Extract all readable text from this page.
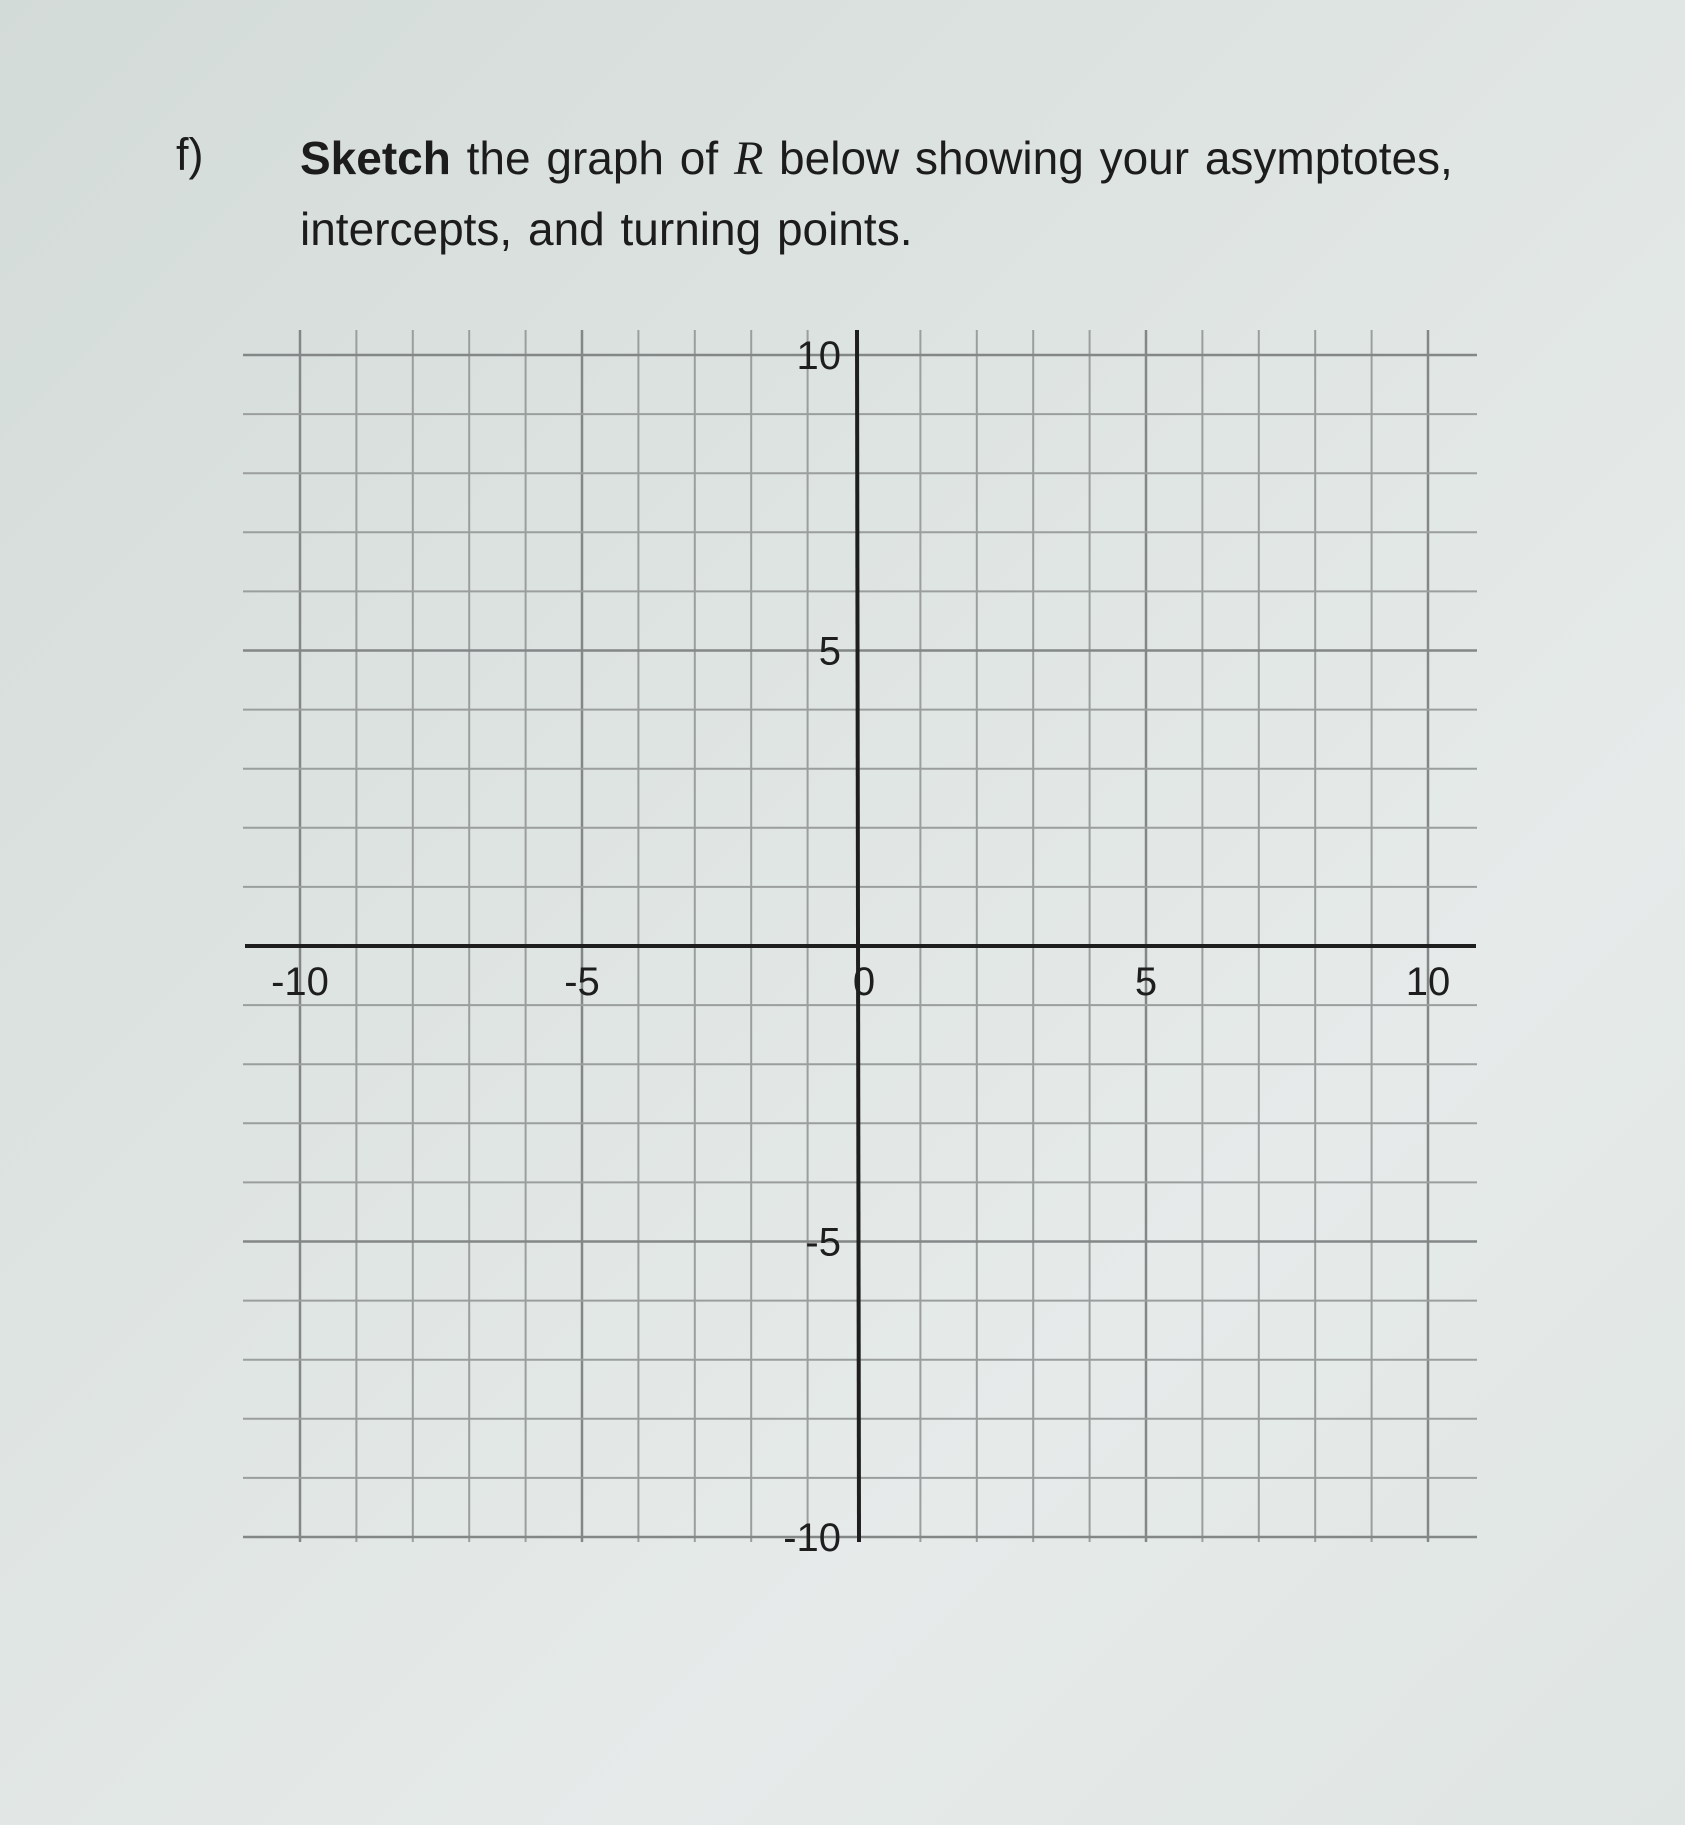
f) Sketch the graph of R below showing your asymptotes,
intercepts, and turning points.
-10	-5	0	5	10
10
5
-5
-10
